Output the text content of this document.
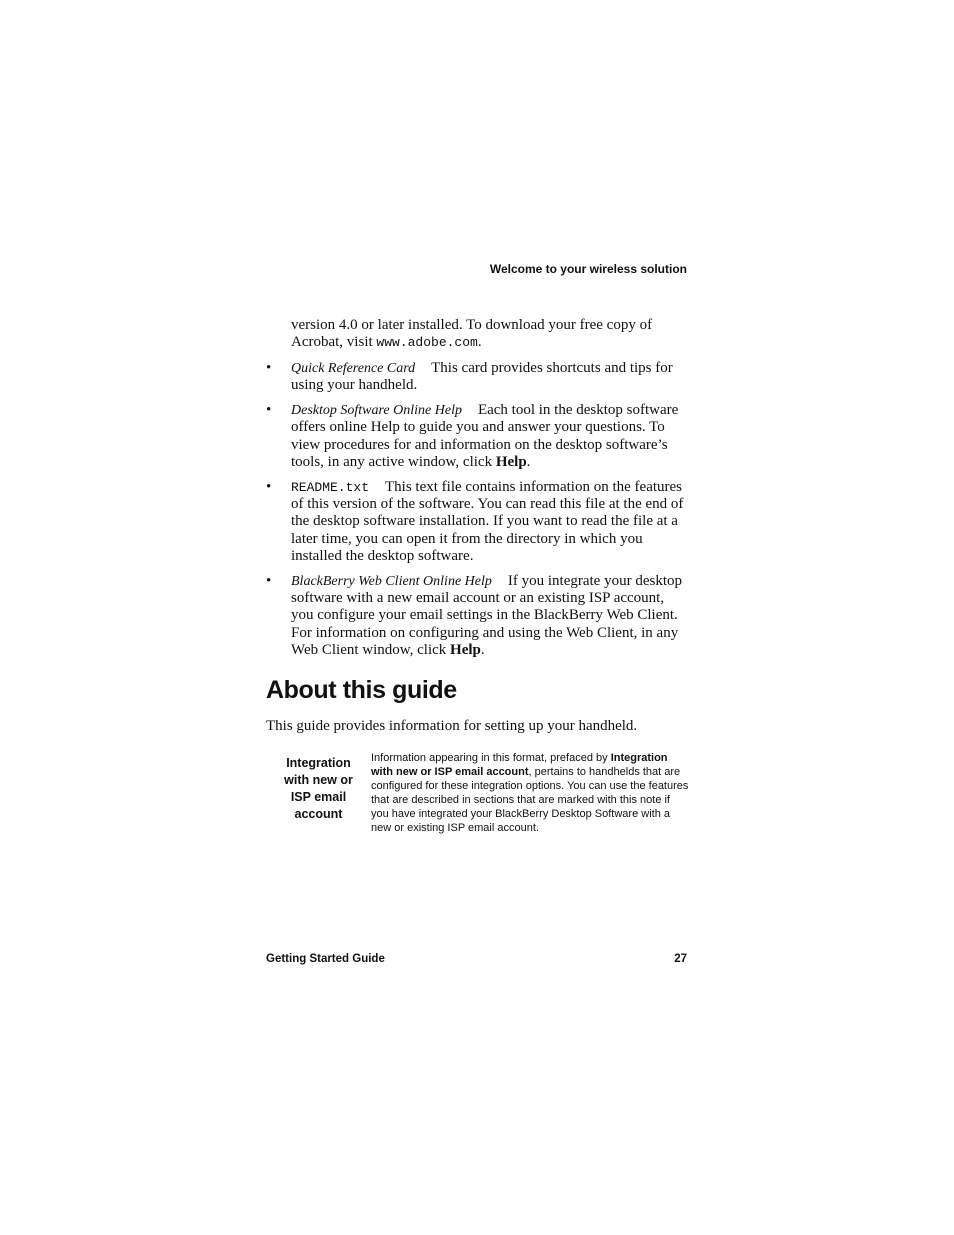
Welcome to your wireless solution

version 4.0 or later installed. To download your free copy of Acrobat, visit www.adobe.com.

• Quick Reference Card This card provides shortcuts and tips for using your handheld.
• Desktop Software Online Help Each tool in the desktop software offers online Help to guide you and answer your questions. To view procedures for and information on the desktop software’s tools, in any active window, click Help.
• README.txt This text file contains information on the features of this version of the software. You can read this file at the end of the desktop software installation. If you want to read the file at a later time, you can open it from the directory in which you installed the desktop software.
• BlackBerry Web Client Online Help If you integrate your desktop software with a new email account or an existing ISP account, you configure your email settings in the BlackBerry Web Client. For information on configuring and using the Web Client, in any Web Client window, click Help.
About this guide

This guide provides information for setting up your handheld.

Integration with new or ISP email account
Information appearing in this format, prefaced by Integration with new or ISP email account, pertains to handhelds that are configured for these integration options. You can use the features that are described in sections that are marked with this note if you have integrated your BlackBerry Desktop Software with a new or existing ISP email account.
Getting Started Guide	27
